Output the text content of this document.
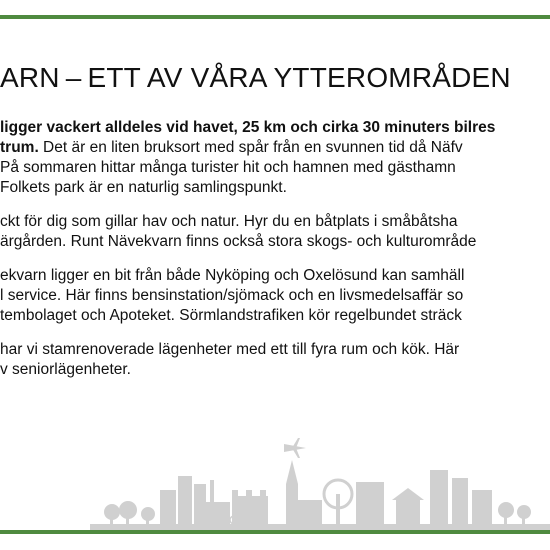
ARN – ETT AV VÅRA YTTEROMRÅDEN
ligger vackert alldeles vid havet, 25 km och cirka 30 minuters bilres
trum. Det är en liten bruksort med spår från en svunnen tid då Näfv
På sommaren hittar många turister hit och hamnen med gästhamn
Folkets park är en naturlig samlingspunkt.
ckt för dig som gillar hav och natur. Hyr du en båtplats i småbåtsha
ärgården. Runt Nävekvarn finns också stora skogs- och kulturområde
ekvarn ligger en bit från både Nyköping och Oxelösund kan samhäll
l service. Här finns bensinstation/sjömack och en livsmedelsaffär so
tembolaget och Apoteket. Sörmlandstrafiken kör regelbundet sträck
har vi stamrenoverade lägenheter med ett till fyra rum och kök. Här
v seniorlägenheter.
